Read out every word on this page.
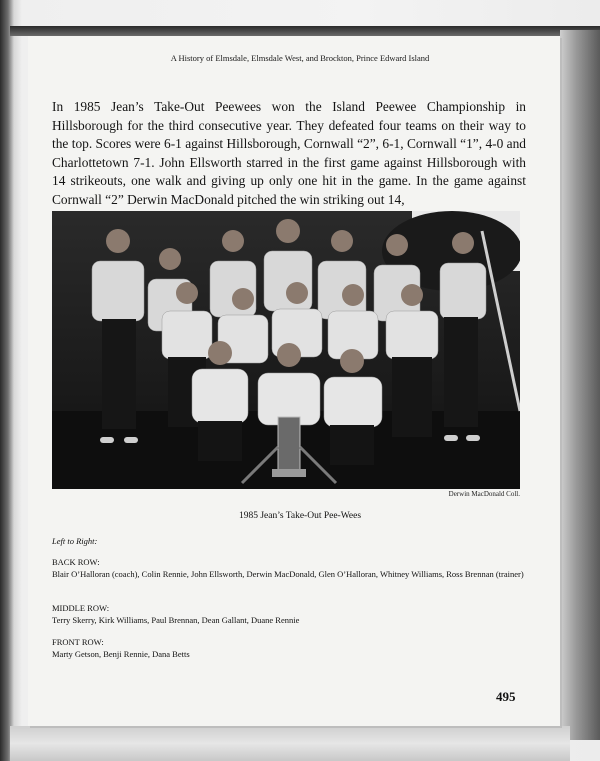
A History of Elmsdale, Elmsdale West, and Brockton, Prince Edward Island

In 1985 Jean’s Take-Out Peewees won the Island Peewee Championship in Hillsborough for the third consecutive year. They defeated four teams on their way to the top. Scores were 6-1 against Hillsborough, Cornwall “2”, 6-1, Cornwall “1”, 4-0 and Charlottetown 7-1. John Ellsworth starred in the first game against Hillsborough with 14 strikeouts, one walk and giving up only one hit in the game. In the game against Cornwall “2” Derwin MacDonald pitched the win striking out 14,

Derwin MacDonald Coll.
1985 Jean’s Take-Out Pee-Wees
Left to Right:
BACK ROW:
Blair O’Halloran (coach), Colin Rennie, John Ellsworth, Derwin MacDonald, Glen O’Halloran, Whitney Williams, Ross Brennan (trainer)
MIDDLE ROW:
Terry Skerry, Kirk Williams, Paul Brennan, Dean Gallant, Duane Rennie
FRONT ROW:
Marty Getson, Benji Rennie, Dana Betts
495
